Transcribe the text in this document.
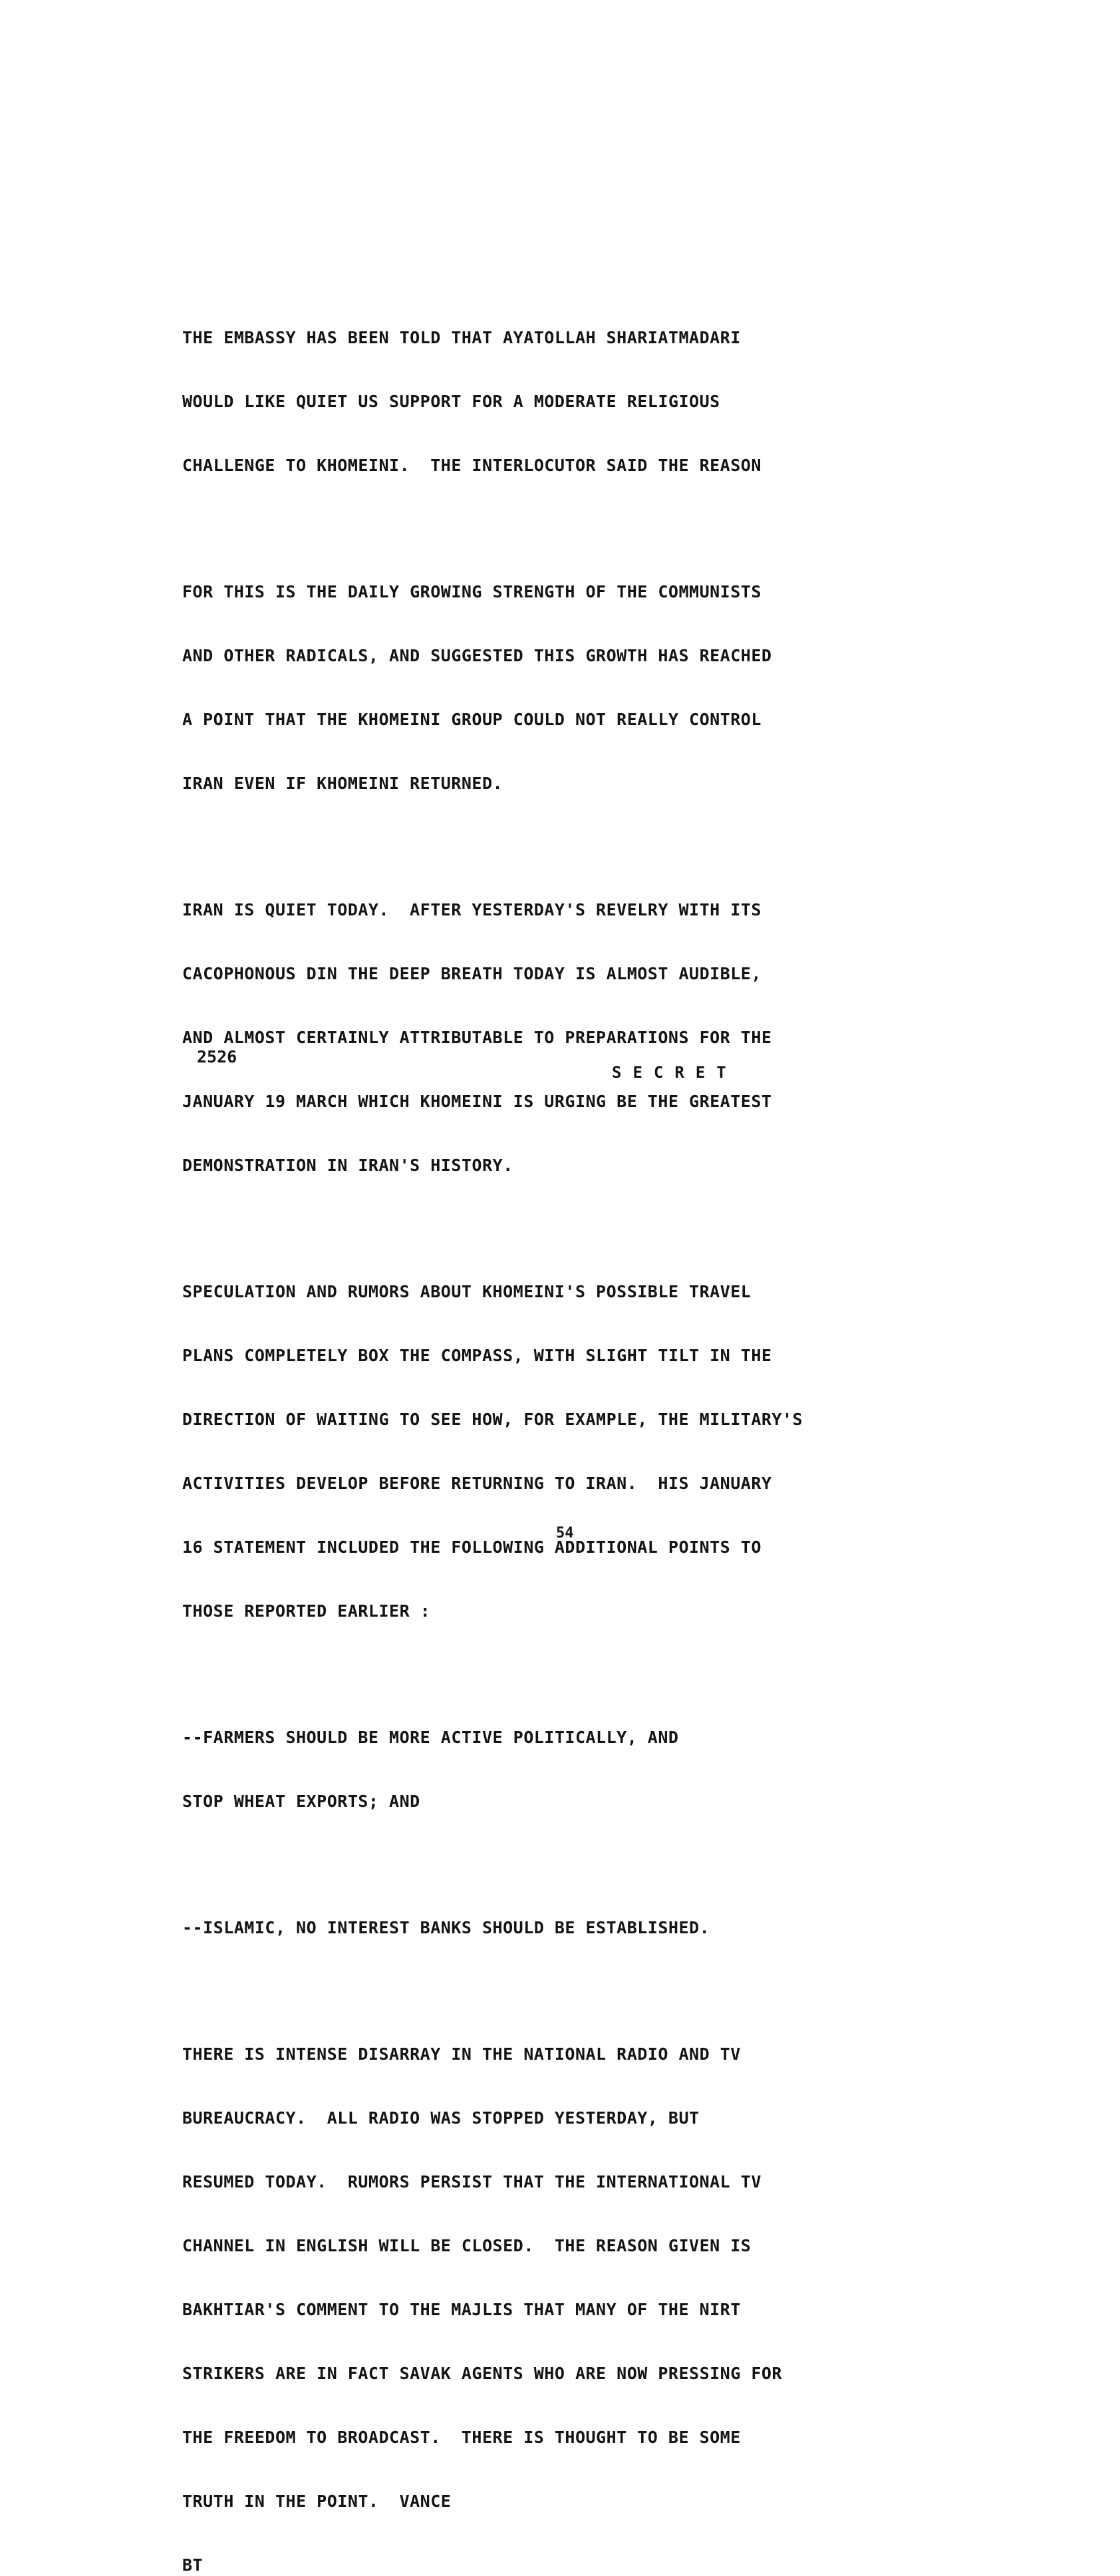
THE EMBASSY HAS BEEN TOLD THAT AYATOLLAH SHARIATMADARI

WOULD LIKE QUIET US SUPPORT FOR A MODERATE RELIGIOUS

CHALLENGE TO KHOMEINI.  THE INTERLOCUTOR SAID THE REASON

FOR THIS IS THE DAILY GROWING STRENGTH OF THE COMMUNISTS

AND OTHER RADICALS, AND SUGGESTED THIS GROWTH HAS REACHED

A POINT THAT THE KHOMEINI GROUP COULD NOT REALLY CONTROL

IRAN EVEN IF KHOMEINI RETURNED.

IRAN IS QUIET TODAY.  AFTER YESTERDAY'S REVELRY WITH ITS

CACOPHONOUS DIN THE DEEP BREATH TODAY IS ALMOST AUDIBLE,

AND ALMOST CERTAINLY ATTRIBUTABLE TO PREPARATIONS FOR THE

JANUARY 19 MARCH WHICH KHOMEINI IS URGING BE THE GREATEST

DEMONSTRATION IN IRAN'S HISTORY.

SPECULATION AND RUMORS ABOUT KHOMEINI'S POSSIBLE TRAVEL

PLANS COMPLETELY BOX THE COMPASS, WITH SLIGHT TILT IN THE

DIRECTION OF WAITING TO SEE HOW, FOR EXAMPLE, THE MILITARY'S

ACTIVITIES DEVELOP BEFORE RETURNING TO IRAN.  HIS JANUARY

16 STATEMENT INCLUDED THE FOLLOWING ADDITIONAL POINTS TO

THOSE REPORTED EARLIER :

--FARMERS SHOULD BE MORE ACTIVE POLITICALLY, AND

STOP WHEAT EXPORTS; AND

--ISLAMIC, NO INTEREST BANKS SHOULD BE ESTABLISHED.

THERE IS INTENSE DISARRAY IN THE NATIONAL RADIO AND TV

BUREAUCRACY.  ALL RADIO WAS STOPPED YESTERDAY, BUT

RESUMED TODAY.  RUMORS PERSIST THAT THE INTERNATIONAL TV

CHANNEL IN ENGLISH WILL BE CLOSED.  THE REASON GIVEN IS

BAKHTIAR'S COMMENT TO THE MAJLIS THAT MANY OF THE NIRT

STRIKERS ARE IN FACT SAVAK AGENTS WHO ARE NOW PRESSING FOR

THE FREEDOM TO BROADCAST.  THERE IS THOUGHT TO BE SOME

TRUTH IN THE POINT.  VANCE

BT
2526
SECRET
54
